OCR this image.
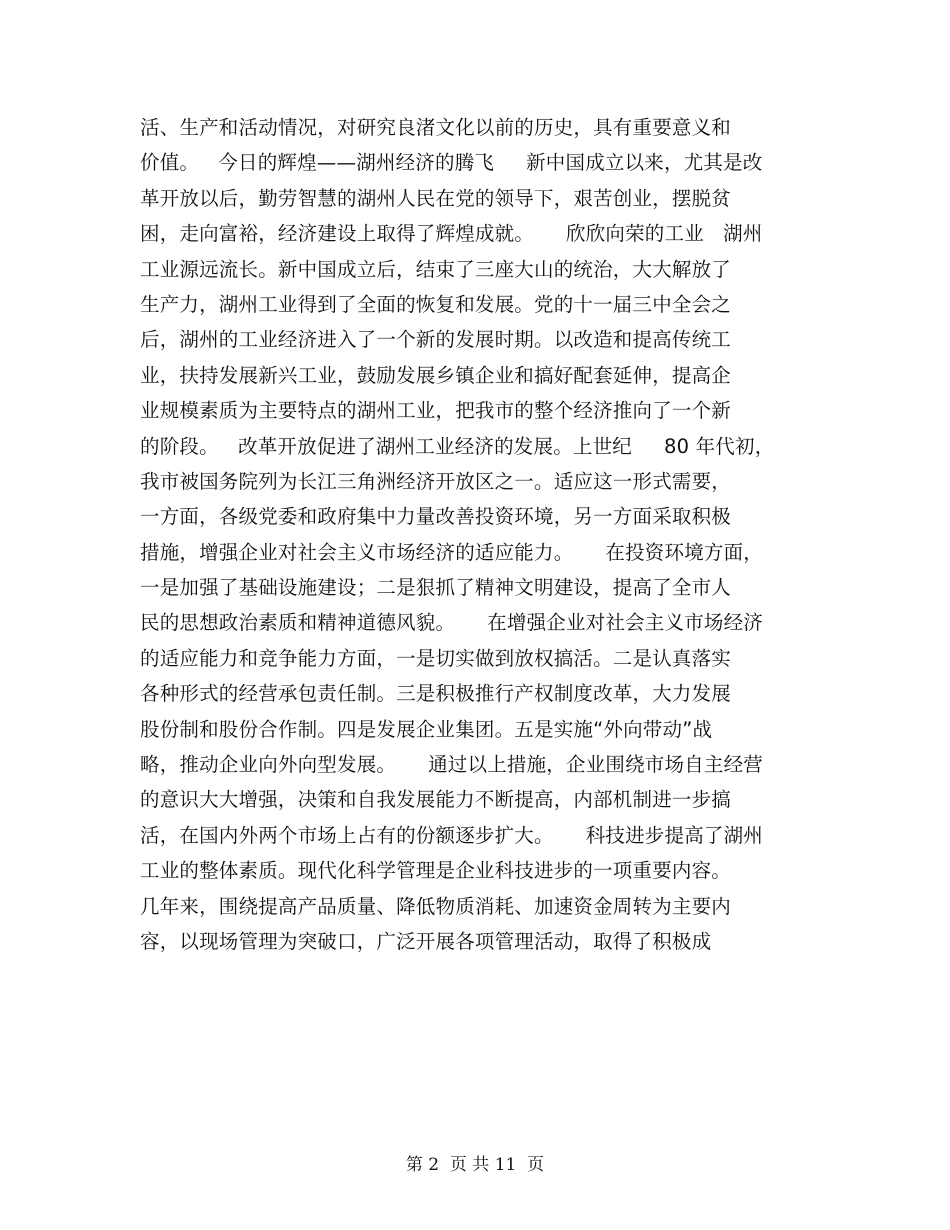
活、生产和活动情况，对研究良渚文化以前的历史，具有重要意义和
价值。   今日的辉煌——湖州经济的腾飞     新中国成立以来，尤其是改
革开放以后，勤劳智慧的湖州人民在党的领导下，艰苦创业，摆脱贫
困，走向富裕，经济建设上取得了辉煌成就。     欣欣向荣的工业   湖州
工业源远流长。新中国成立后，结束了三座大山的统治，大大解放了
生产力，湖州工业得到了全面的恢复和发展。党的十一届三中全会之
后，湖州的工业经济进入了一个新的发展时期。以改造和提高传统工
业，扶持发展新兴工业，鼓励发展乡镇企业和搞好配套延伸，提高企
业规模素质为主要特点的湖州工业，把我市的整个经济推向了一个新
的阶段。   改革开放促进了湖州工业经济的发展。上世纪     80 年代初，
我市被国务院列为长江三角洲经济开放区之一。适应这一形式需要，
一方面，各级党委和政府集中力量改善投资环境，另一方面采取积极
措施，增强企业对社会主义市场经济的适应能力。     在投资环境方面，
一是加强了基础设施建设；二是狠抓了精神文明建设，提高了全市人
民的思想政治素质和精神道德风貌。     在增强企业对社会主义市场经济
的适应能力和竞争能力方面，一是切实做到放权搞活。二是认真落实
各种形式的经营承包责任制。三是积极推行产权制度改革，大力发展
股份制和股份合作制。四是发展企业集团。五是实施“外向带动”战
略，推动企业向外向型发展。     通过以上措施，企业围绕市场自主经营
的意识大大增强，决策和自我发展能力不断提高，内部机制进一步搞
活，在国内外两个市场上占有的份额逐步扩大。     科技进步提高了湖州
工业的整体素质。现代化科学管理是企业科技进步的一项重要内容。
几年来，围绕提高产品质量、降低物质消耗、加速资金周转为主要内
容，以现场管理为突破口，广泛开展各项管理活动，取得了积极成
第 2  页 共 11  页
